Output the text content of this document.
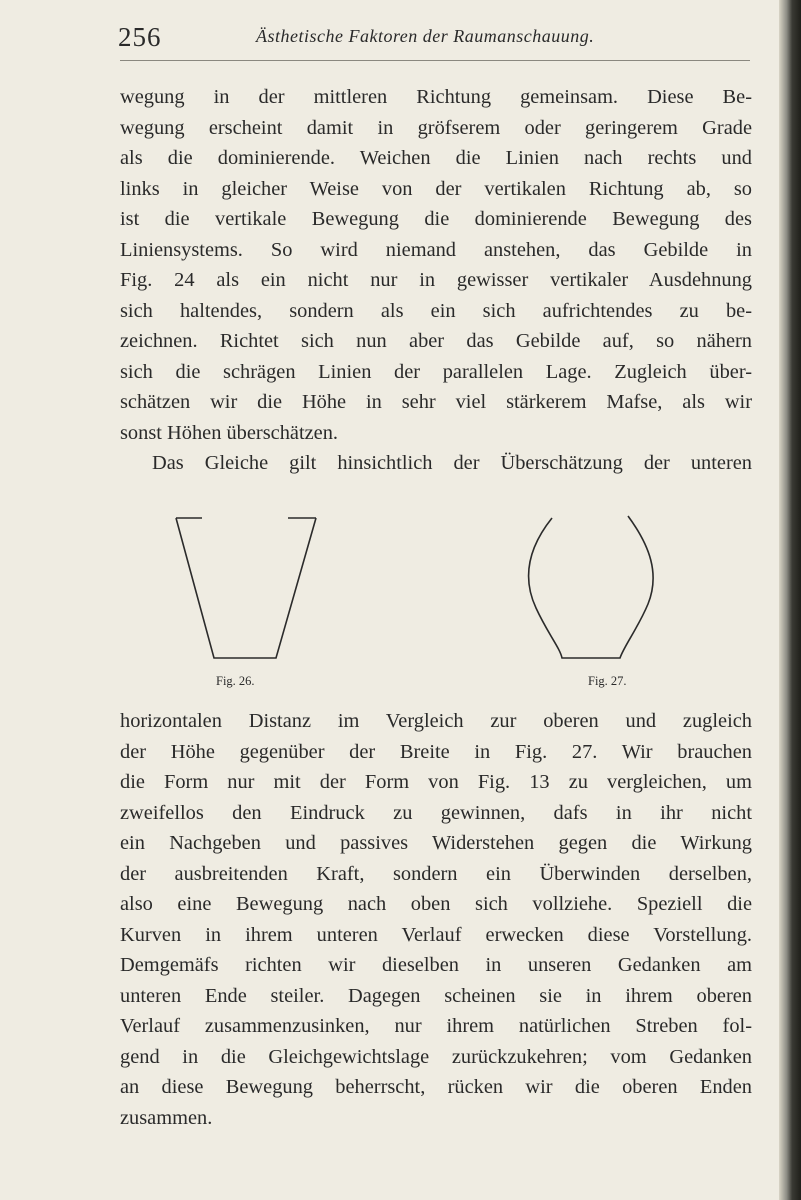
256	Ästhetische Faktoren der Raumanschauung.
wegung in der mittleren Richtung gemeinsam. Diese Be-
wegung erscheint damit in gröfserem oder geringerem Grade
als die dominierende. Weichen die Linien nach rechts und
links in gleicher Weise von der vertikalen Richtung ab, so
ist die vertikale Bewegung die dominierende Bewegung des
Liniensystems. So wird niemand anstehen, das Gebilde in
Fig. 24 als ein nicht nur in gewisser vertikaler Ausdehnung
sich haltendes, sondern als ein sich aufrichtendes zu be-
zeichnen. Richtet sich nun aber das Gebilde auf, so nähern
sich die schrägen Linien der parallelen Lage. Zugleich über-
schätzen wir die Höhe in sehr viel stärkerem Mafse, als wir
sonst Höhen überschätzen.
Das Gleiche gilt hinsichtlich der Überschätzung der unteren
Fig. 26.	Fig. 27.
horizontalen Distanz im Vergleich zur oberen und zugleich
der Höhe gegenüber der Breite in Fig. 27. Wir brauchen
die Form nur mit der Form von Fig. 13 zu vergleichen, um
zweifellos den Eindruck zu gewinnen, dafs in ihr nicht
ein Nachgeben und passives Widerstehen gegen die Wirkung
der ausbreitenden Kraft, sondern ein Überwinden derselben,
also eine Bewegung nach oben sich vollziehe. Speziell die
Kurven in ihrem unteren Verlauf erwecken diese Vorstellung.
Demgemäfs richten wir dieselben in unseren Gedanken am
unteren Ende steiler. Dagegen scheinen sie in ihrem oberen
Verlauf zusammenzusinken, nur ihrem natürlichen Streben fol-
gend in die Gleichgewichtslage zurückzukehren; vom Gedanken
an diese Bewegung beherrscht, rücken wir die oberen Enden
zusammen.
